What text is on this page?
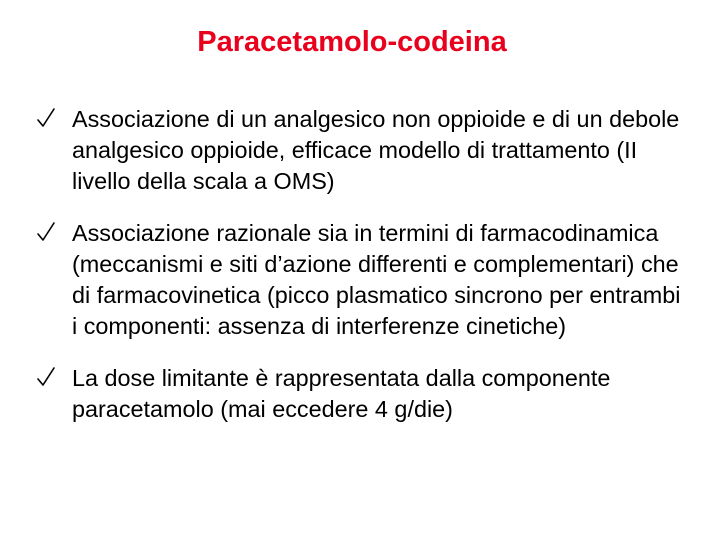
Paracetamolo-codeina
Associazione di un analgesico non oppioide e di un debole analgesico oppioide, efficace modello di trattamento (II livello della scala a OMS)
Associazione razionale sia in termini di farmacodinamica (meccanismi e siti d’azione differenti e complementari) che di farmacovinetica (picco plasmatico sincrono per entrambi i componenti: assenza di interferenze cinetiche)
La dose limitante è rappresentata dalla componente paracetamolo (mai eccedere 4 g/die)
